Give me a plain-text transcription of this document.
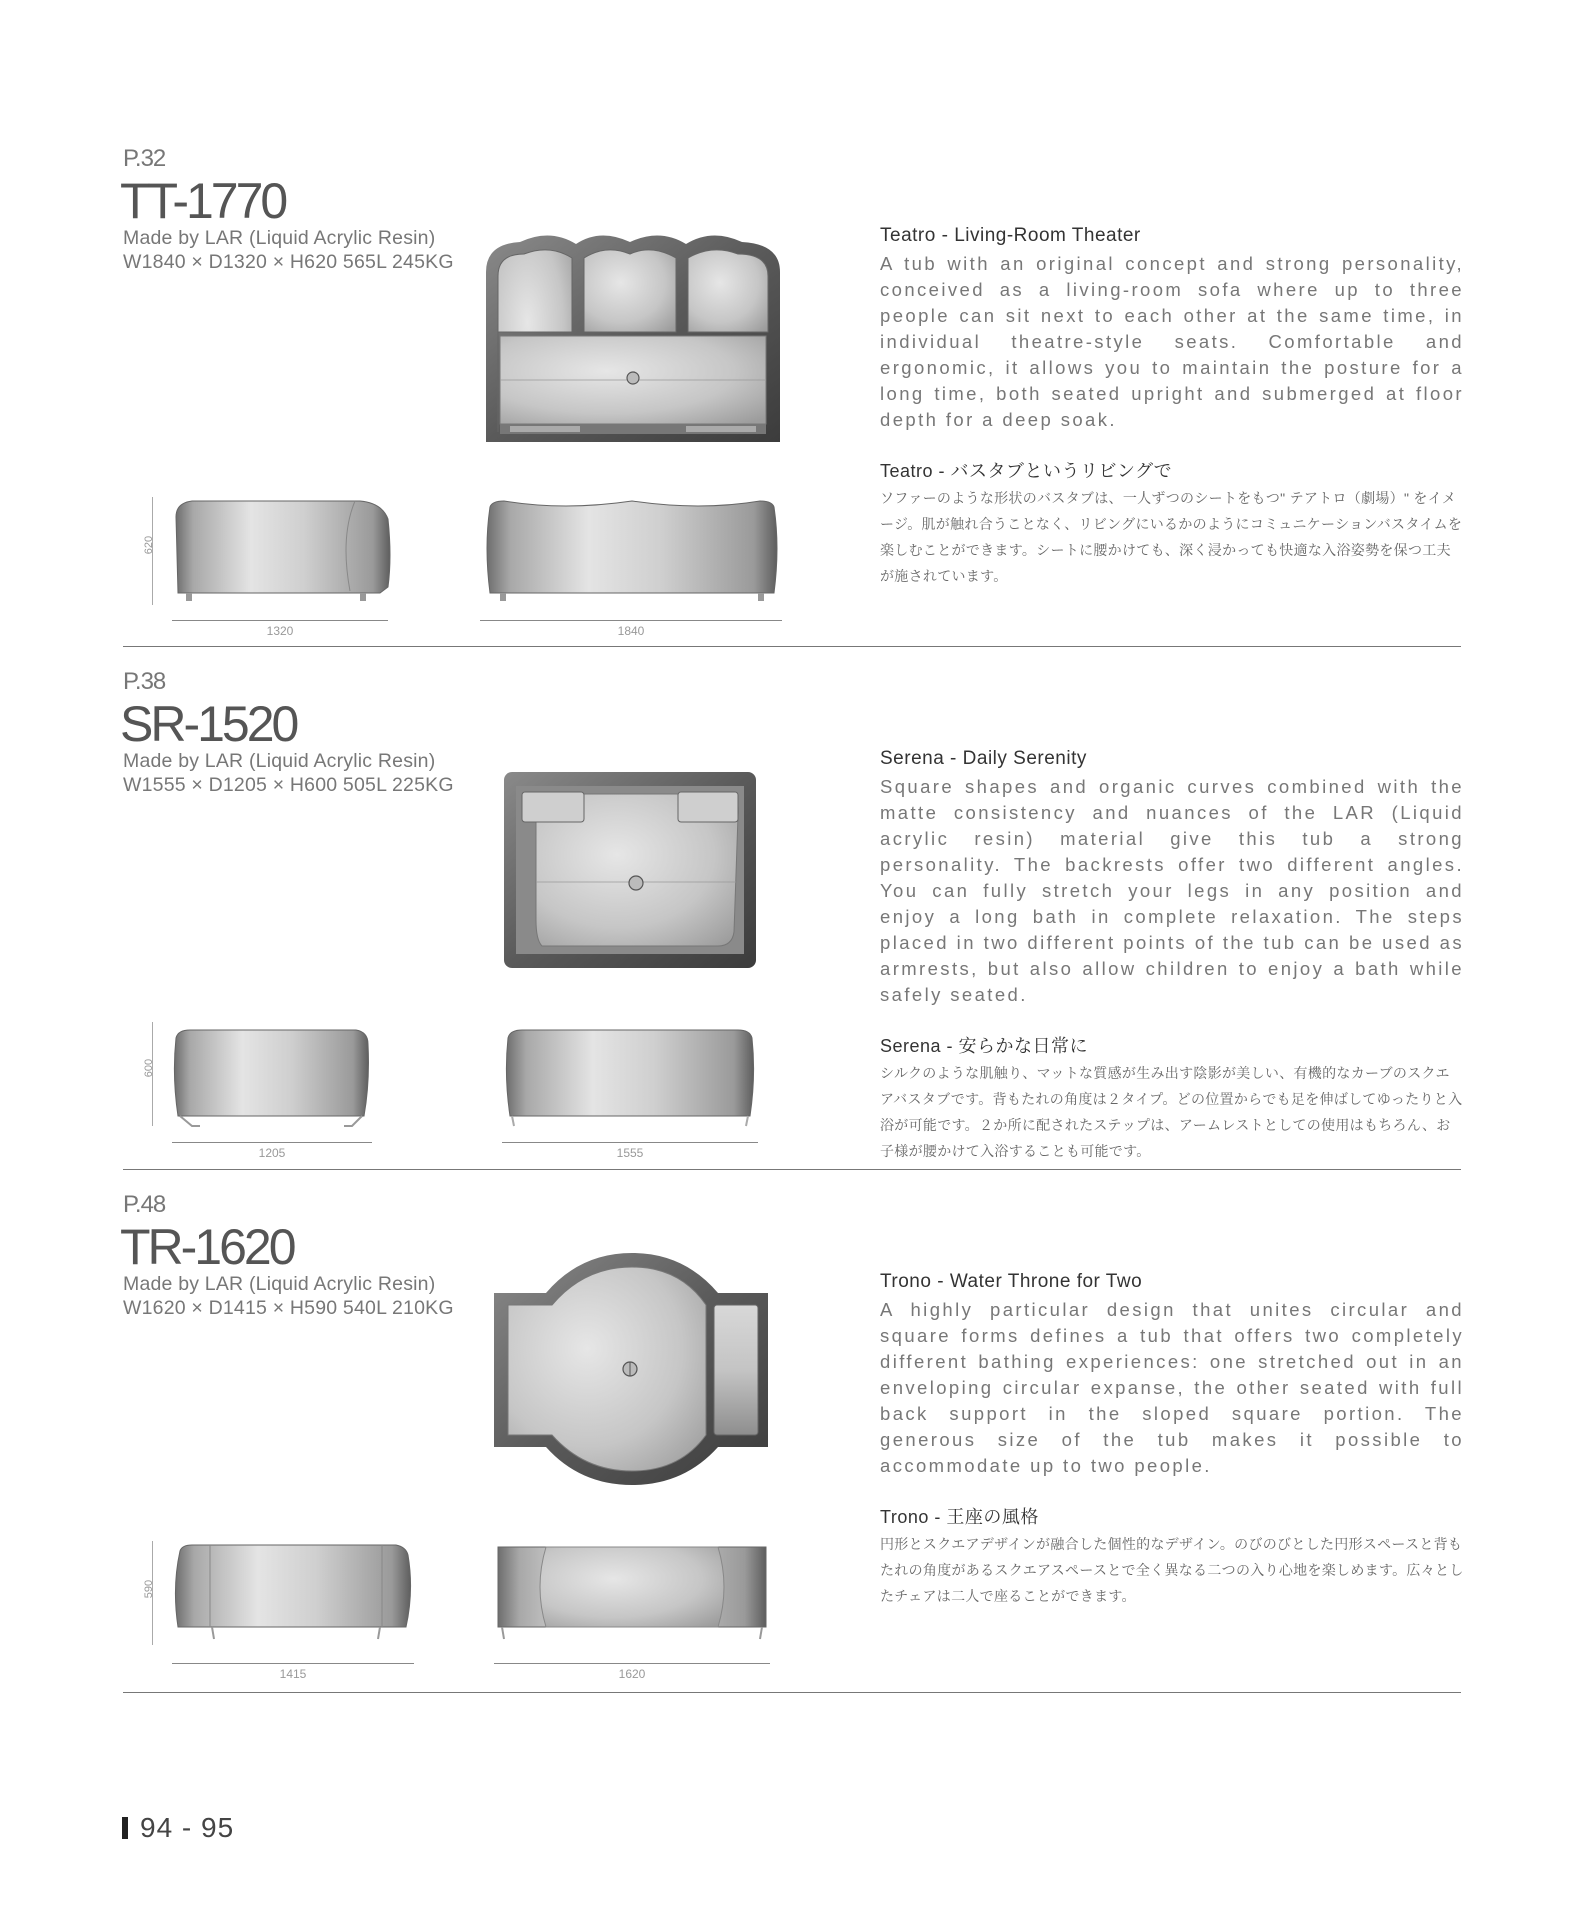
P.32
TT-1770
Made by LAR (Liquid Acrylic Resin)
W1840 × D1320 × H620 565L 245KG
620
1320	1840
Teatro - Living-Room Theater
A tub with an original concept and strong personality, conceived as a living-room sofa where up to three people can sit next to each other at the same time, in individual theatre-style seats. Comfortable and ergonomic, it allows you to maintain the posture for a long time, both seated upright and submerged at floor depth for a deep soak.
Teatro - バスタブというリビングで
ソファーのような形状のバスタブは、一人ずつのシートをもつ" テアトロ（劇場）" をイメージ。肌が触れ合うことなく、リビングにいるかのようにコミュニケーションバスタイムを楽しむことができます。シートに腰かけても、深く浸かっても快適な入浴姿勢を保つ工夫が施されています。
P.38
SR-1520
Made by LAR (Liquid Acrylic Resin)
W1555 × D1205 × H600 505L 225KG
600
1205	1555
Serena - Daily Serenity
Square shapes and organic curves combined with the matte consistency and nuances of the LAR (Liquid acrylic resin) material give this tub a strong personality. The backrests offer two different angles. You can fully stretch your legs in any position and enjoy a long bath in complete relaxation. The steps placed in two different points of the tub can be used as armrests, but also allow children to enjoy a bath while safely seated.
Serena - 安らかな日常に
シルクのような肌触り、マットな質感が生み出す陰影が美しい、有機的なカーブのスクエアバスタブです。背もたれの角度は２タイプ。どの位置からでも足を伸ばしてゆったりと入浴が可能です。２か所に配されたステップは、アームレストとしての使用はもちろん、お子様が腰かけて入浴することも可能です。
P.48
TR-1620
Made by LAR (Liquid Acrylic Resin)
W1620 × D1415 × H590 540L 210KG
590
1415	1620
Trono - Water Throne for Two
A highly particular design that unites circular and square forms defines a tub that offers two completely different bathing experiences: one stretched out in an enveloping circular expanse, the other seated with full back support in the sloped square portion. The generous size of the tub makes it possible to accommodate up to two people.
Trono - 王座の風格
円形とスクエアデザインが融合した個性的なデザイン。のびのびとした円形スペースと背もたれの角度があるスクエアスペースとで全く異なる二つの入り心地を楽しめます。広々としたチェアは二人で座ることができます。
94 - 95
